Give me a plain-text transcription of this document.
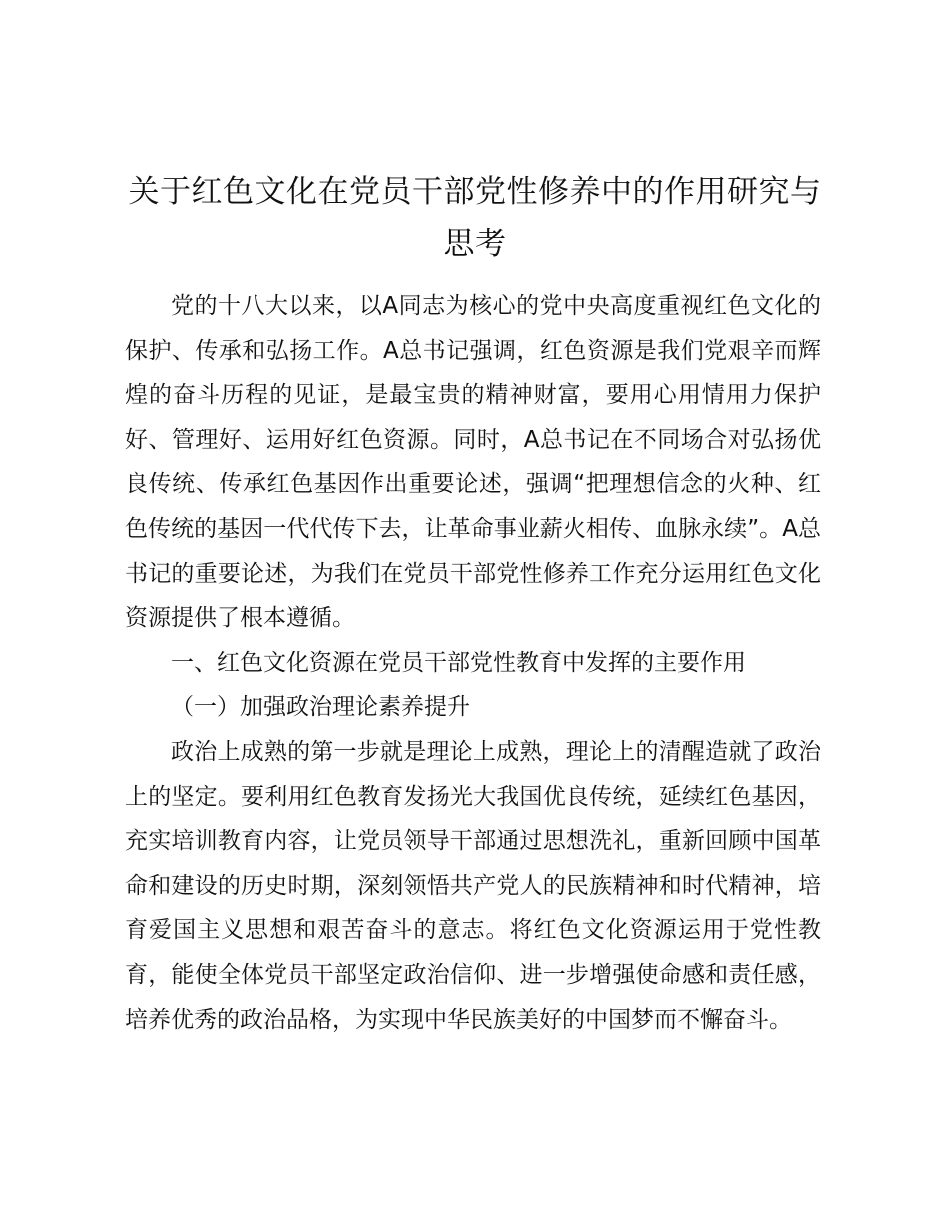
关于红色文化在党员干部党性修养中的作用研究与思考

党的十八大以来，以A同志为核心的党中央高度重视红色文化的保护、传承和弘扬工作。A总书记强调，红色资源是我们党艰辛而辉煌的奋斗历程的见证，是最宝贵的精神财富，要用心用情用力保护好、管理好、运用好红色资源。同时，A总书记在不同场合对弘扬优良传统、传承红色基因作出重要论述，强调“把理想信念的火种、红色传统的基因一代代传下去，让革命事业薪火相传、血脉永续”。A总书记的重要论述，为我们在党员干部党性修养工作充分运用红色文化资源提供了根本遵循。

一、红色文化资源在党员干部党性教育中发挥的主要作用

（一）加强政治理论素养提升

政治上成熟的第一步就是理论上成熟，理论上的清醒造就了政治上的坚定。要利用红色教育发扬光大我国优良传统，延续红色基因，充实培训教育内容，让党员领导干部通过思想洗礼，重新回顾中国革命和建设的历史时期，深刻领悟共产党人的民族精神和时代精神，培育爱国主义思想和艰苦奋斗的意志。将红色文化资源运用于党性教育，能使全体党员干部坚定政治信仰、进一步增强使命感和责任感，培养优秀的政治品格，为实现中华民族美好的中国梦而不懈奋斗。
